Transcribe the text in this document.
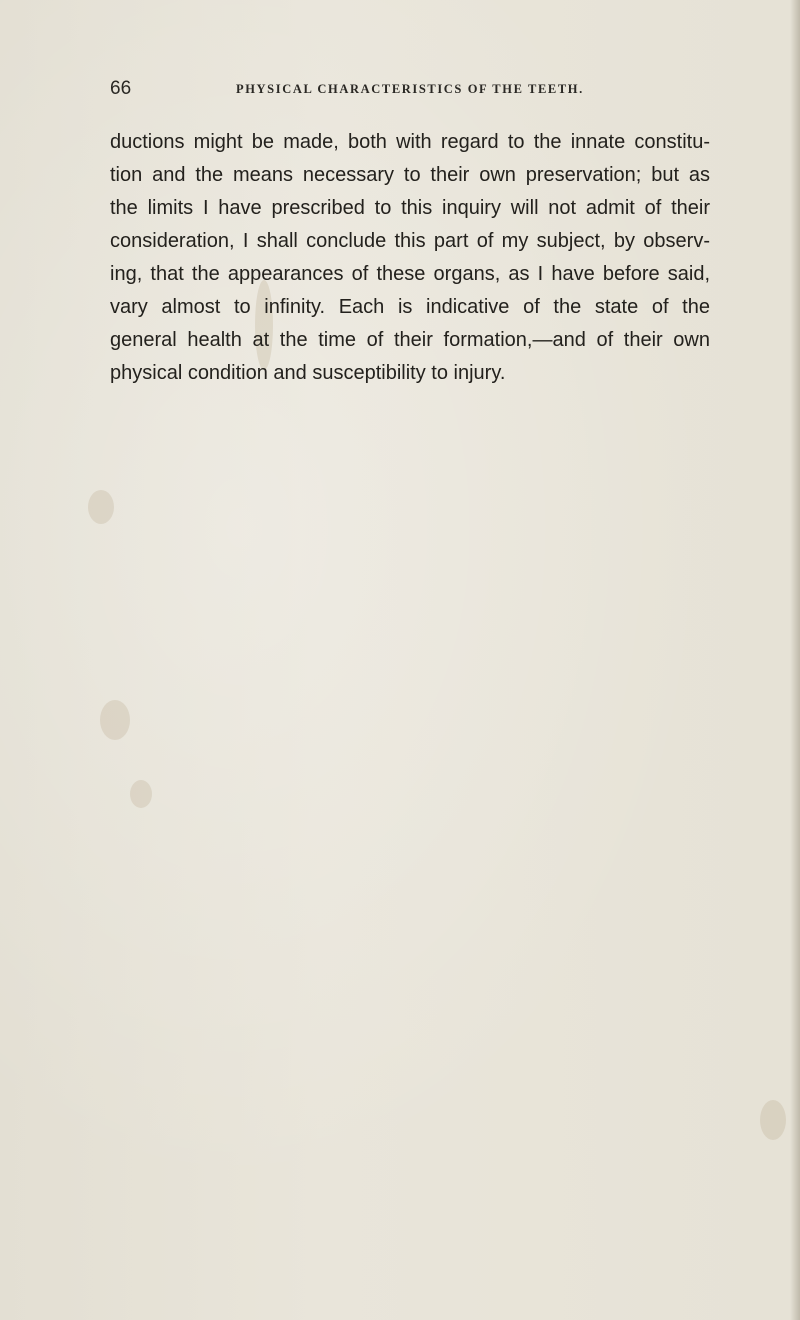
66	PHYSICAL CHARACTERISTICS OF THE TEETH.
ductions might be made, both with regard to the innate constitu-
tion and the means necessary to their own preservation; but as
the limits I have prescribed to this inquiry will not admit of their
consideration, I shall conclude this part of my subject, by observ-
ing, that the appearances of these organs, as I have before said,
vary almost to infinity. Each is indicative of the state of the
general health at the time of their formation,—and of their own
physical condition and susceptibility to injury.
